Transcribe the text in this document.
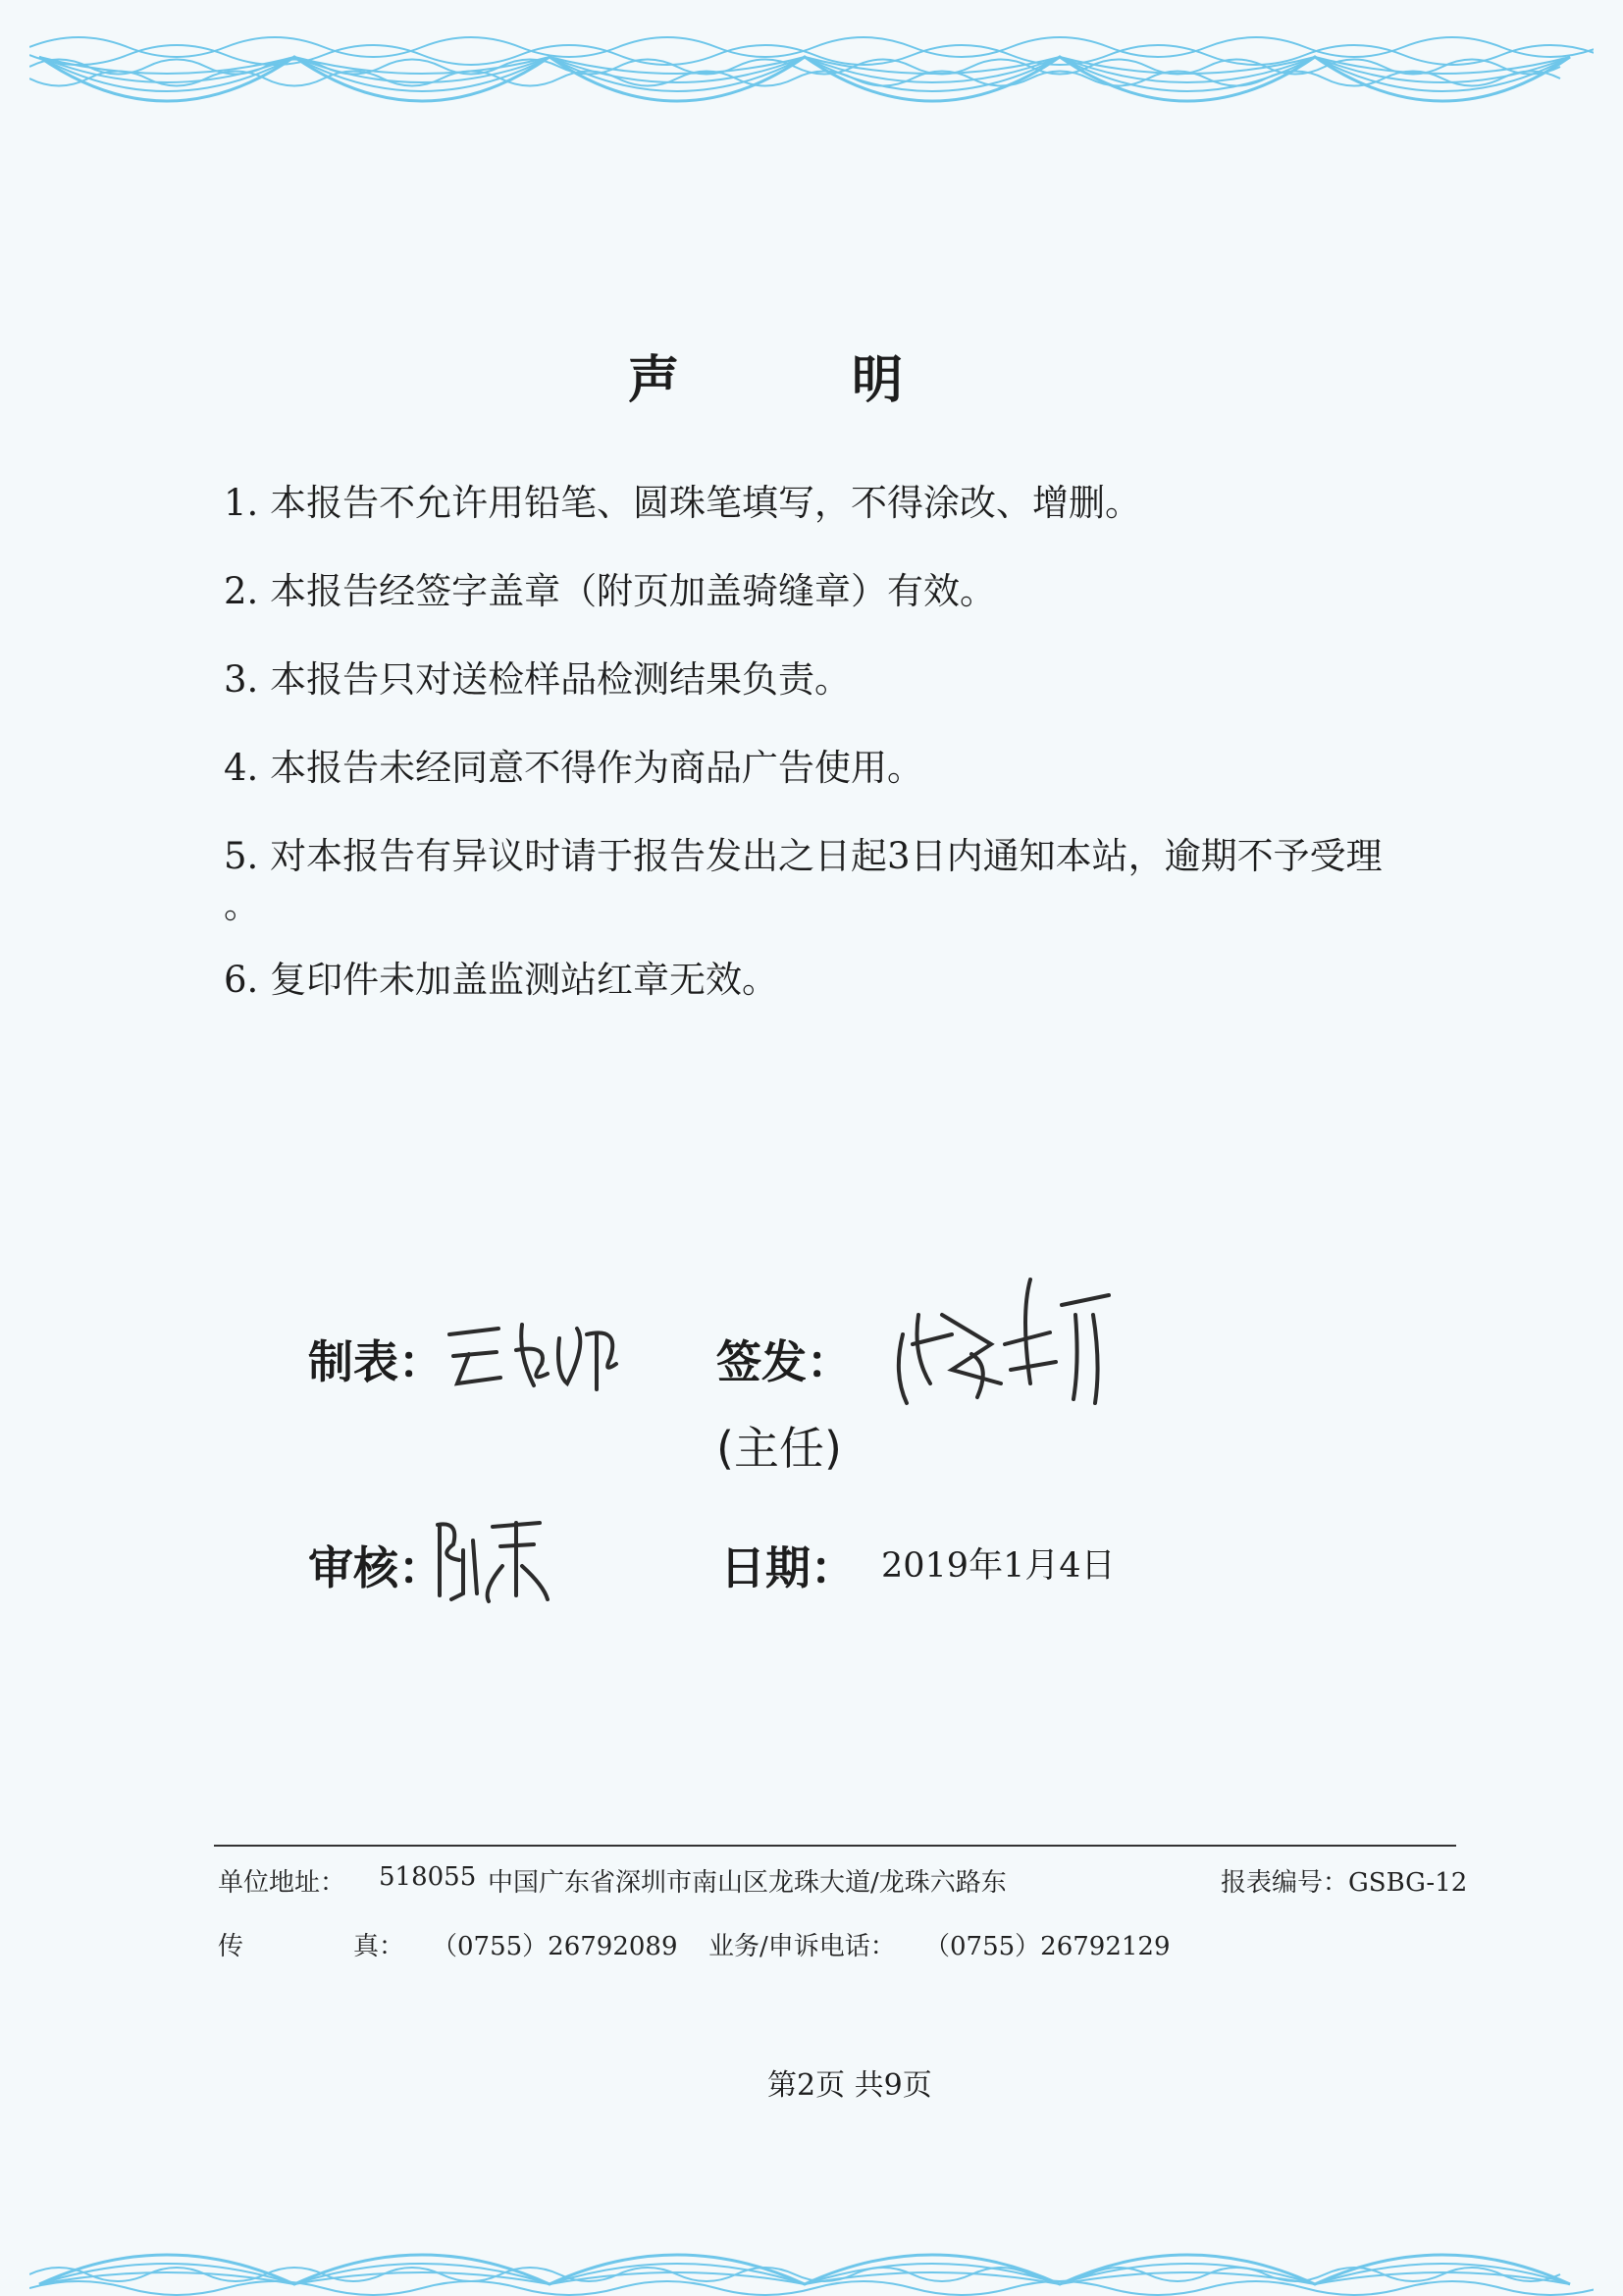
声	明
1. 本报告不允许用铅笔、圆珠笔填写，不得涂改、增删。
2. 本报告经签字盖章（附页加盖骑缝章）有效。
3. 本报告只对送检样品检测结果负责。
4. 本报告未经同意不得作为商品广告使用。
5. 对本报告有异议时请于报告发出之日起3日内通知本站，逾期不予受理
。
6. 复印件未加盖监测站红章无效。
制表：	签发：
(主任)
审核：	日期： 2019年1月4日
单位地址： 518055 中国广东省深圳市南山区龙珠大道/龙珠六路东	报表编号：GSBG-12
传	真： （0755）26792089 业务/申诉电话： （0755）26792129
第2页 共9页
